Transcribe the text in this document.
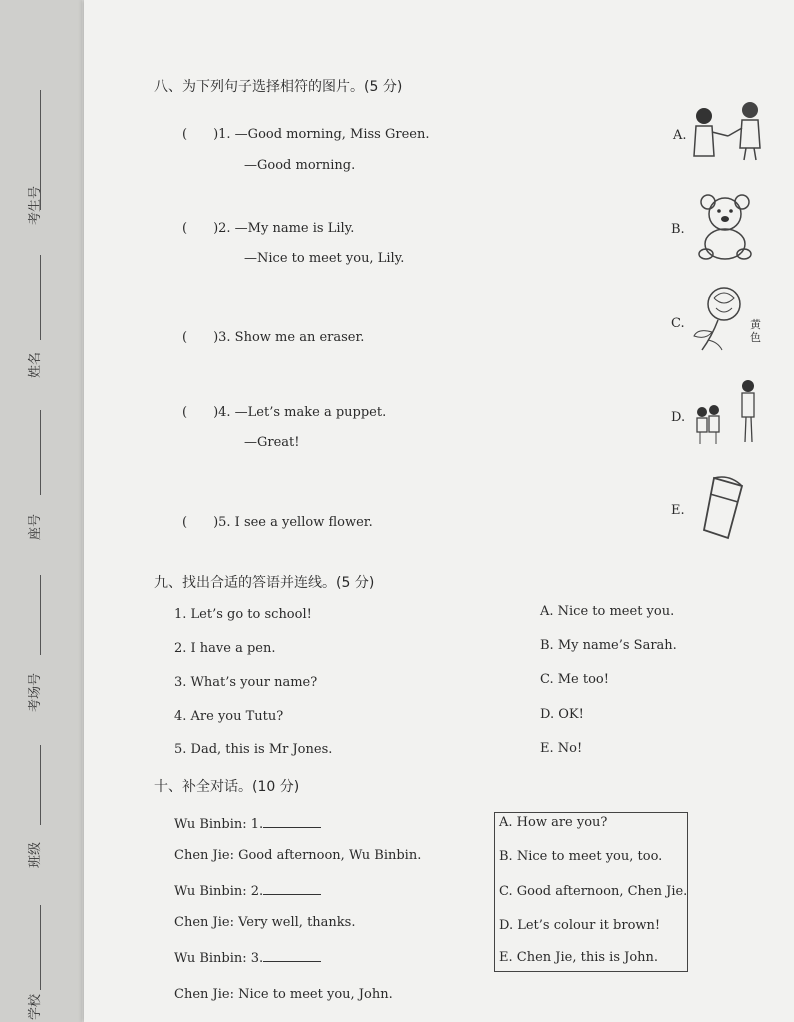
考生号
姓名
座号
考场号
班级
学校

八、为下列句子选择相符的图片。(5 分)
(　　)1. —Good morning, Miss Green.
—Good morning.
(　　)2. —My name is Lily.
—Nice to meet you, Lily.
(　　)3. Show me an eraser.
(　　)4. —Let’s make a puppet.
—Great!
(　　)5. I see a yellow flower.
A.
B.
C.
D.
E.
黄色
九、找出合适的答语并连线。(5 分)
1. Let’s go to school!
2. I have a pen.
3. What’s your name?
4. Are you Tutu?
5. Dad, this is Mr Jones.
A. Nice to meet you.
B. My name’s Sarah.
C. Me too!
D. OK!
E. No!
十、补全对话。(10 分)
Wu Binbin: 1.
Chen Jie: Good afternoon, Wu Binbin.
Wu Binbin: 2.
Chen Jie: Very well, thanks.
Wu Binbin: 3.
Chen Jie: Nice to meet you, John.
A. How are you?
B. Nice to meet you, too.
C. Good afternoon, Chen Jie.
D. Let’s colour it brown!
E. Chen Jie, this is John.
